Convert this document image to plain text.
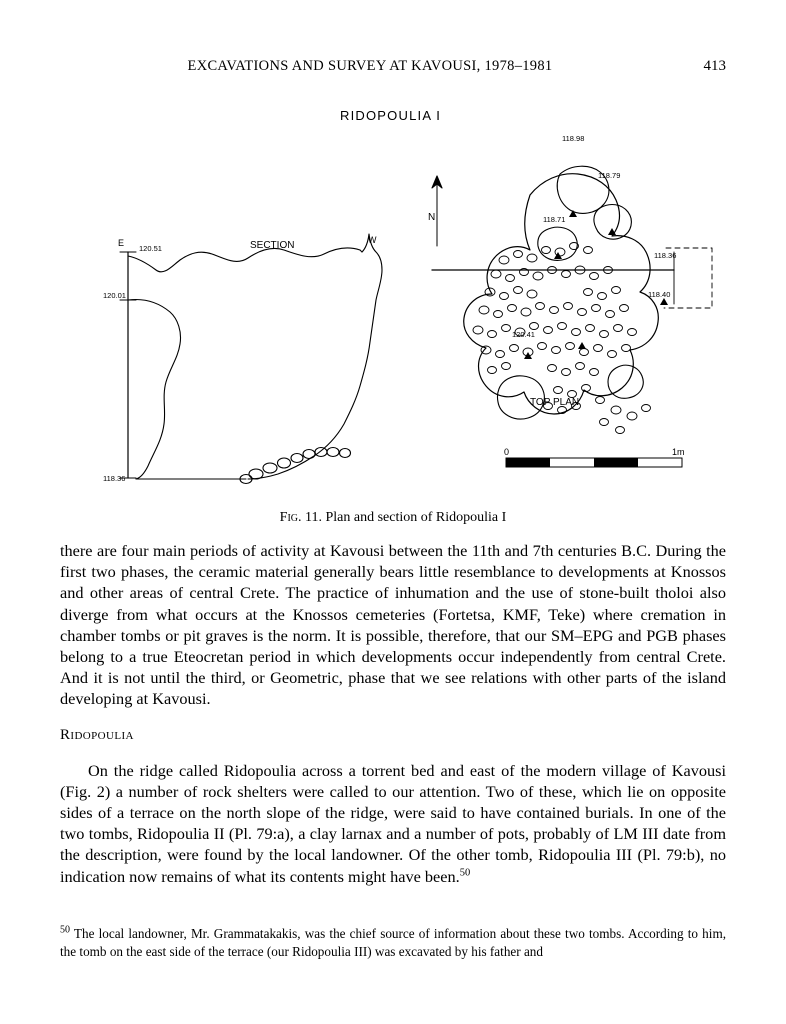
EXCAVATIONS AND SURVEY AT KAVOUSI, 1978–1981	413
RIDOPOULIA I
SECTION
E	W
120.51
120.01
118.36
N
118.98
118.79
118.71
118.36
118.40
120.41
TOP PLAN
0	1m
Fig. 11. Plan and section of Ridopoulia I

there are four main periods of activity at Kavousi between the 11th and 7th centuries B.C. During the first two phases, the ceramic material generally bears little resemblance to developments at Knossos and other areas of central Crete. The practice of inhumation and the use of stone-built tholoi also diverge from what occurs at the Knossos cemeteries (Fortetsa, KMF, Teke) where cremation in chamber tombs or pit graves is the norm. It is possible, therefore, that our SM–EPG and PGB phases belong to a true Eteocretan period in which developments occur independently from central Crete. And it is not until the third, or Geometric, phase that we see relations with other parts of the island developing at Kavousi.

Ridopoulia

On the ridge called Ridopoulia across a torrent bed and east of the modern village of Kavousi (Fig. 2) a number of rock shelters were called to our attention. Two of these, which lie on opposite sides of a terrace on the north slope of the ridge, were said to have contained burials. In one of the two tombs, Ridopoulia II (Pl. 79:a), a clay larnax and a number of pots, probably of LM III date from the description, were found by the local landowner. Of the other tomb, Ridopoulia III (Pl. 79:b), no indication now remains of what its contents might have been.$^{50}$

$^{50}$ The local landowner, Mr. Grammatakakis, was the chief source of information about these two tombs. According to him, the tomb on the east side of the terrace (our Ridopoulia III) was excavated by his father and
